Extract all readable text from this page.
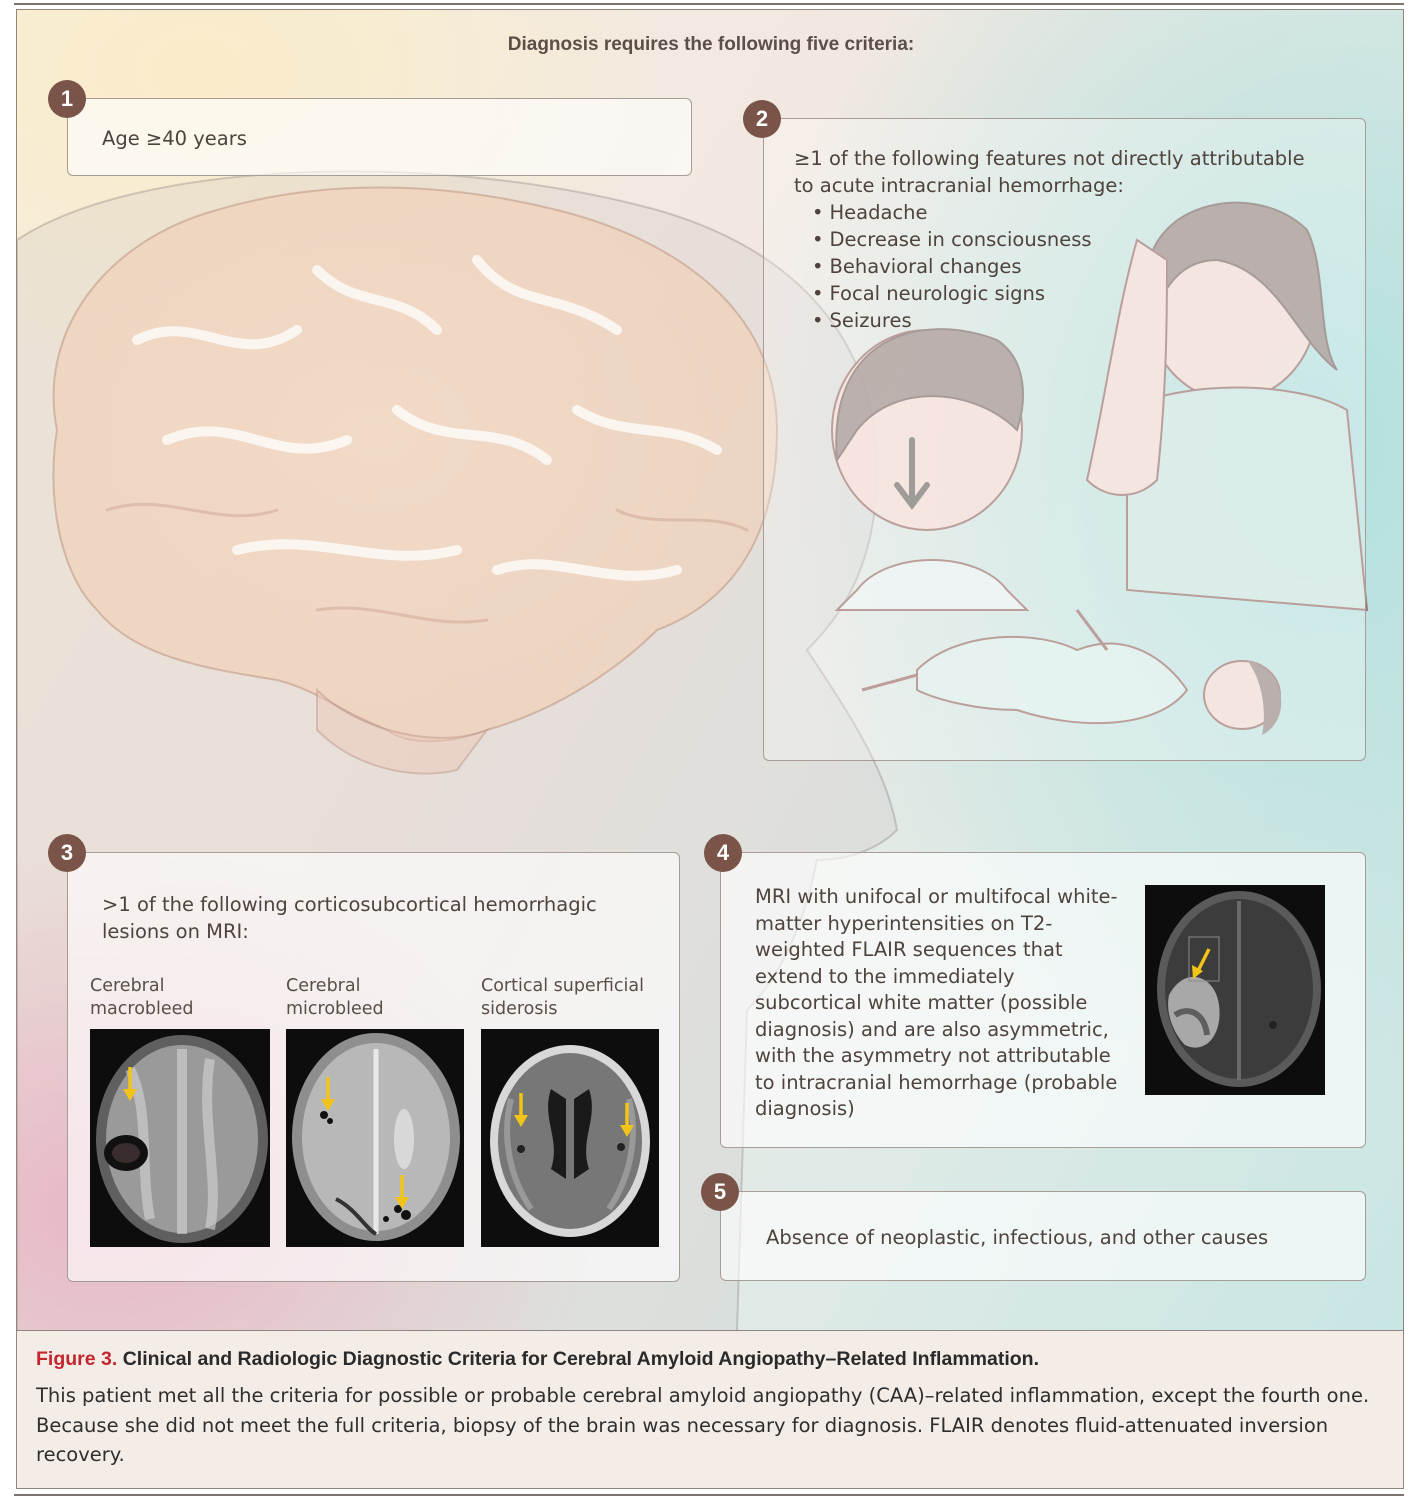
Diagnosis requires the following five criteria:
Age ≥40 years
1
≥1 of the following features not directly attributable to acute intracranial hemorrhage:
• Headache
• Decrease in consciousness
• Behavioral changes
• Focal neurologic signs
• Seizures
2
>1 of the following corticosubcortical hemorrhagic lesions on MRI:
Cerebral
macrobleed
Cerebral
microbleed
Cortical superficial
siderosis
3
MRI with unifocal or multifocal white-matter hyperintensities on T2-weighted FLAIR sequences that extend to the immediately subcortical white matter (possible diagnosis) and are also asymmetric, with the asymmetry not attributable to intracranial hemorrhage (probable diagnosis)
4
Absence of neoplastic, infectious, and other causes
5
Figure 3. Clinical and Radiologic Diagnostic Criteria for Cerebral Amyloid Angiopathy–Related Inflammation.
This patient met all the criteria for possible or probable cerebral amyloid angiopathy (CAA)–related inflammation, except the fourth one. Because she did not meet the full criteria, biopsy of the brain was necessary for diagnosis. FLAIR denotes fluid-attenuated inversion recovery.
